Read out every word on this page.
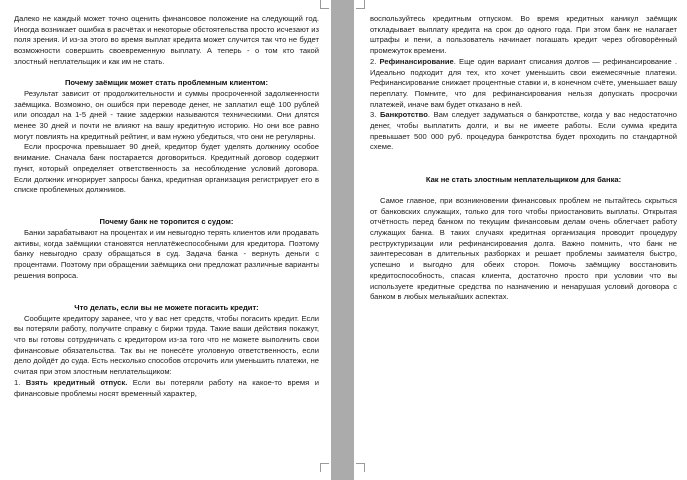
Далеко не каждый может точно оценить финансовое положение на следующий год. Иногда возникает ошибка в расчётах и некоторые обстоятельства просто исчезают из поля зрения. И из-за этого во время выплат кредита может случится так что не будет возможности совершить своевременную выплату. А теперь - о том кто такой злостный неплательщик и как им не стать.

Почему заёмщик может стать проблемным клиентом:

Результат зависит от продолжительности и суммы просроченной задолженности заёмщика. Возможно, он ошибся при переводе денег, не заплатил ещё 100 рублей или опоздал на 1-5 дней - такие задержки называются техническими. Они длятся менее 30 дней и почти не влияют на вашу кредитную историю. Но они все равно могут повлиять на кредитный рейтинг, и вам нужно убедиться, что они не регулярны.

Если просрочка превышает 90 дней, кредитор будет уделять должнику особое внимание. Сначала банк постарается договориться. Кредитный договор содержит пункт, который определяет ответственность за несоблюдение условий договора. Если должник игнорирует запросы банка, кредитная организация регистрирует его в списке проблемных должников.

Почему банк не торопится с судом:

Банки зарабатывают на процентах и им невыгодно терять клиентов или продавать активы, когда заёмщики становятся неплатёжеспособными для кредитора. Поэтому банку невыгодно сразу обращаться в суд. Задача банка - вернуть деньги с процентами. Поэтому при обращении заёмщика они предложат различные варианты решения вопроса.

Что делать, если вы не можете погасить кредит:

Сообщите кредитору заранее, что у вас нет средств, чтобы погасить кредит. Если вы потеряли работу, получите справку с биржи труда. Такие ваши действия покажут, что вы готовы сотрудничать с кредитором из-за того что не можете выполнить свои финансовые обязательства. Так вы не понесёте уголовную ответственность, если дело дойдёт до суда. Есть несколько способов отсрочить или уменьшить платежи, не считая при этом злостным неплательщиком:

1. Взять кредитный отпуск. Если вы потеряли работу на какое-то время и финансовые проблемы носят временный характер,

воспользуйтесь кредитным отпуском. Во время кредитных каникул заёмщик откладывает выплату кредита на срок до одного года. При этом банк не налагает штрафы и пени, а пользователь начинает погашать кредит через обговорённый промежуток времени.

2. Рефинансирование. Еще один вариант списания долгов — рефинансирование . Идеально подходит для тех, кто хочет уменьшить свои ежемесячные платежи. Рефинансирование снижает процентные ставки и, в конечном счёте, уменьшает вашу переплату. Помните, что для рефинансирования нельзя допускать просрочки платежей, иначе вам будет отказано в ней.

3. Банкротство. Вам следует задуматься о банкротстве, когда у вас недостаточно денег, чтобы выплатить долги, и вы не имеете работы. Если сумма кредита превышает 500 000 руб. процедура банкротства будет проходить по стандартной схеме.

Как не стать злостным неплательщиком для банка:

Самое главное, при возникновении финансовых проблем не пытайтесь скрыться от банковских служащих, только для того чтобы приостановить выплаты. Открытая отчётность перед банком по текущим финансовым делам очень облегчает работу служащих банка. В таких случаях кредитная организация проводит процедуру реструктуризации или рефинансирования долга. Важно помнить, что банк не заинтересован в длительных разборках и решает проблемы заимателя быстро, успешно и выгодно для обеих сторон. Помочь заёмщику восстановить кредитоспособность, спасая клиента, достаточно просто при условии что вы используете кредитные средства по назначению и ненарушая условий договора с банком в любых мелькайших аспектах.
